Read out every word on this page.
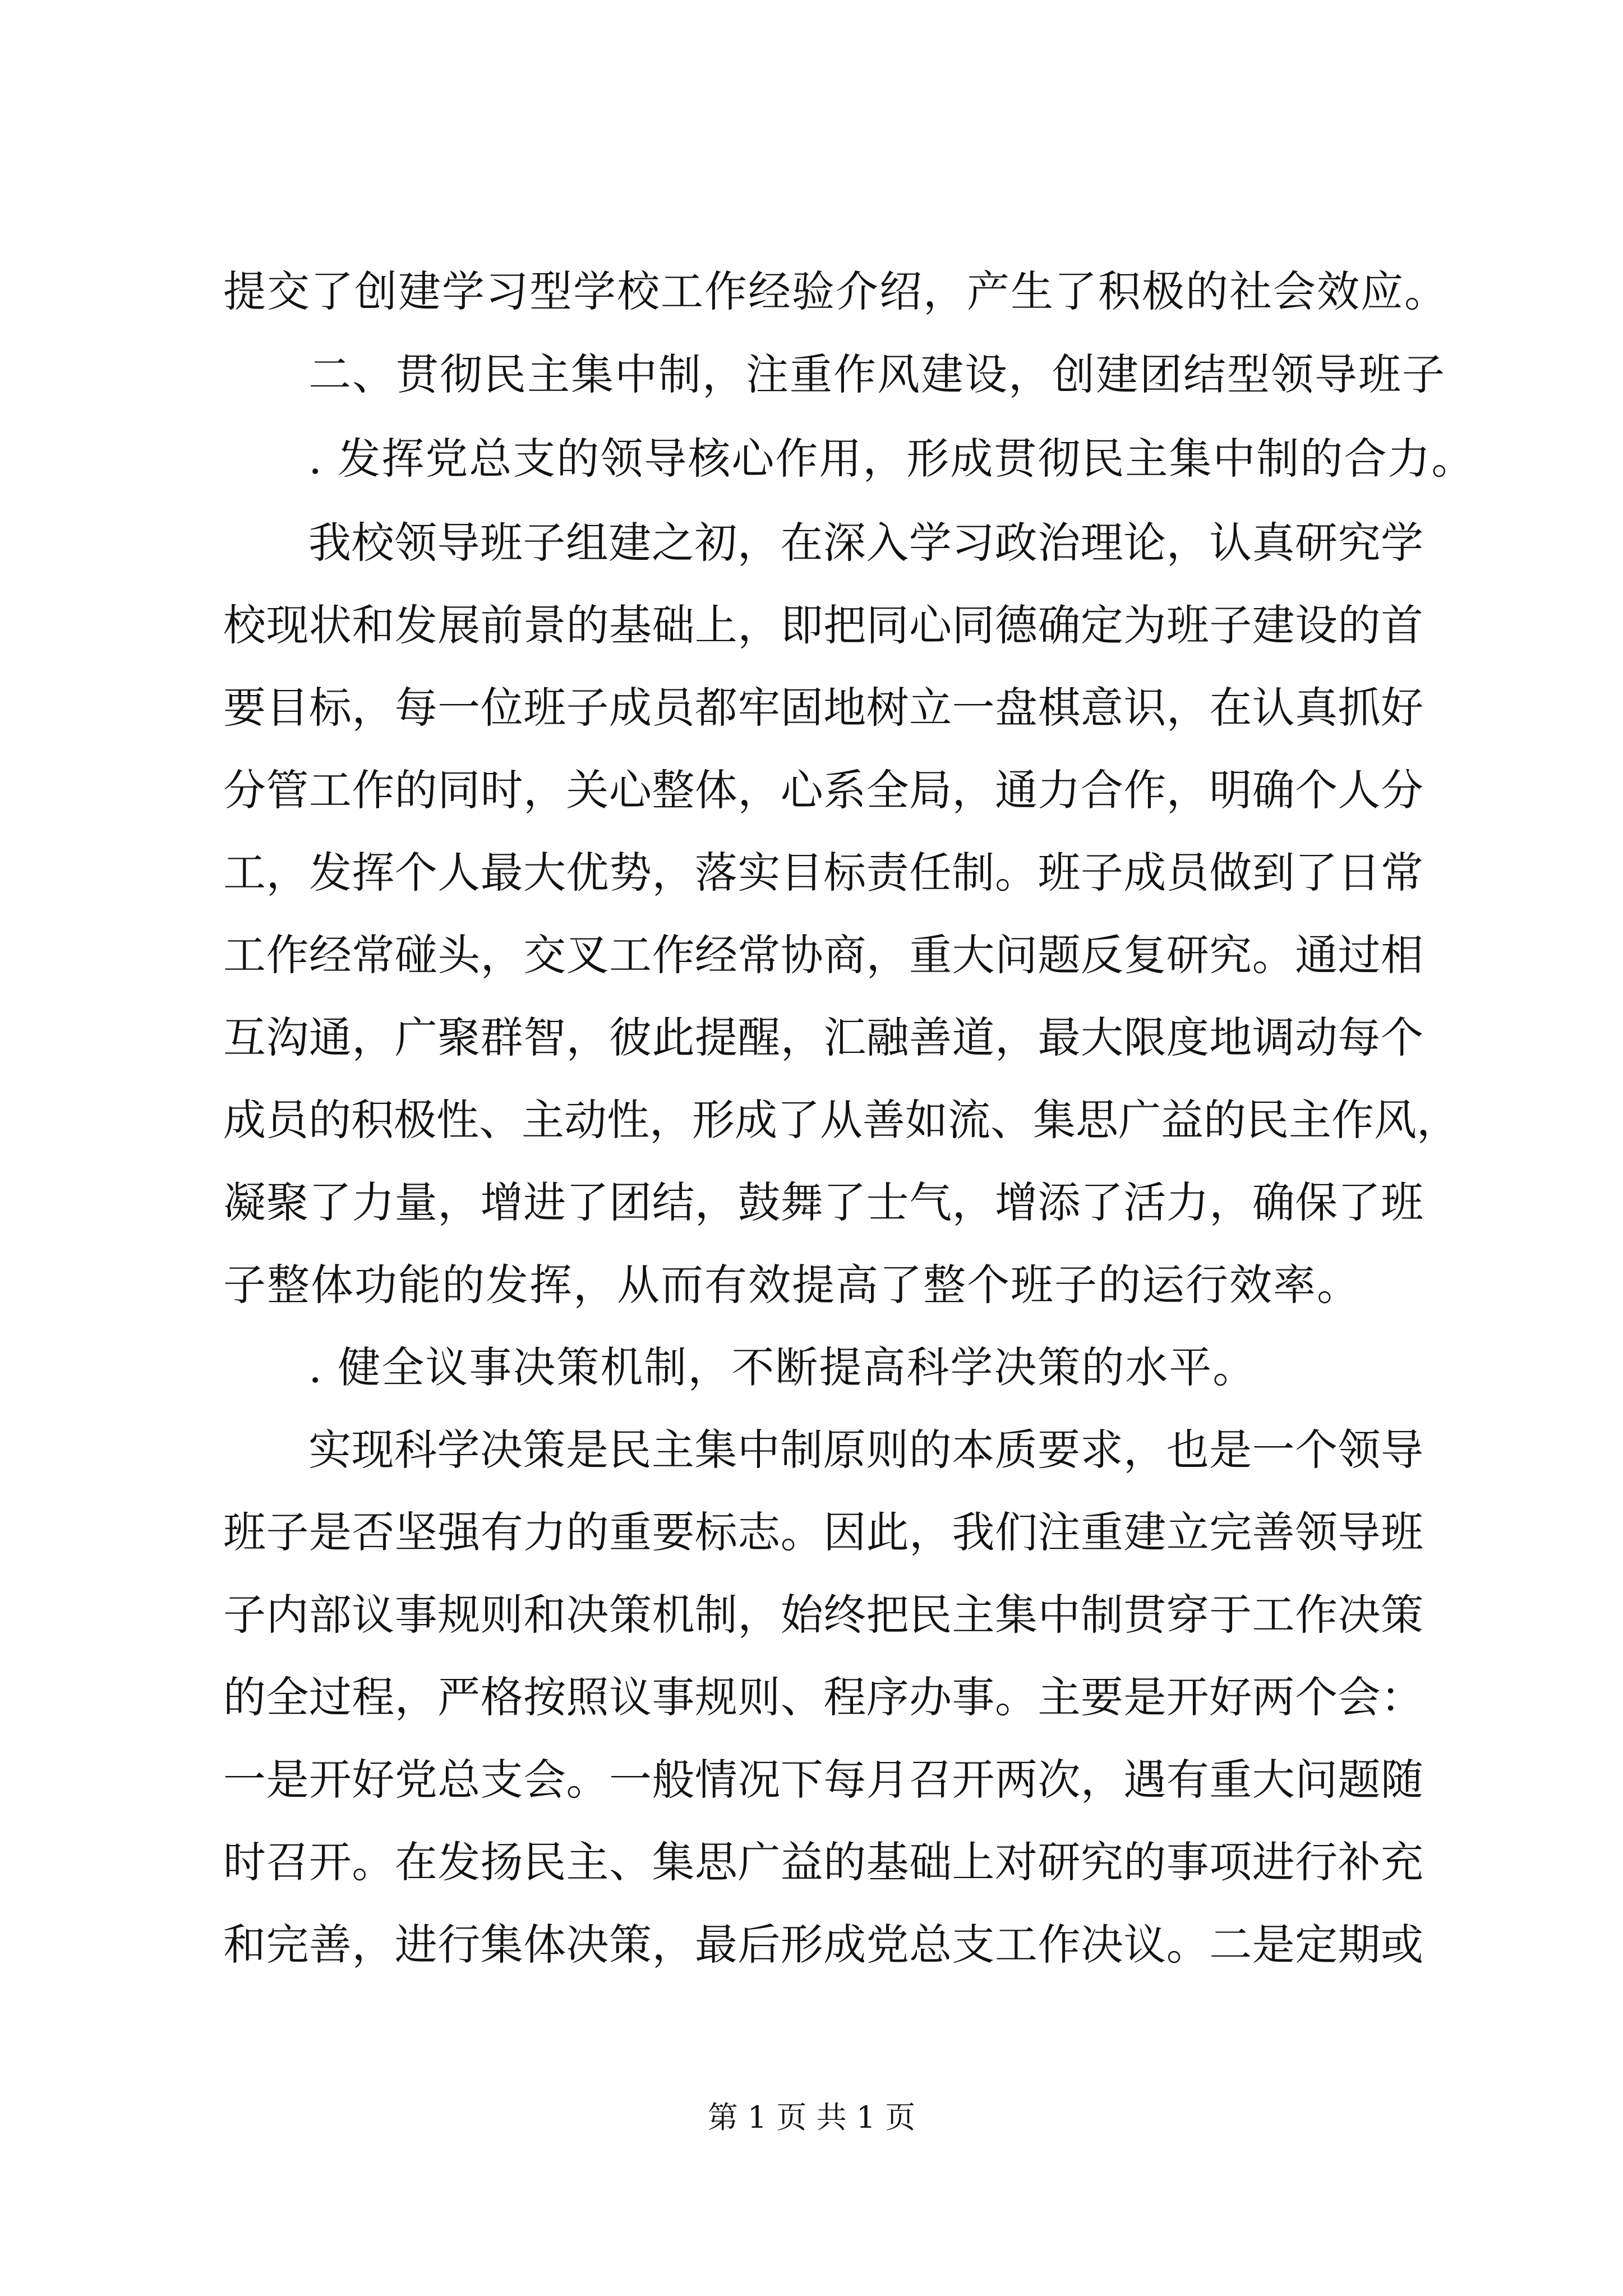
提交了创建学习型学校工作经验介绍，产生了积极的社会效应。
二、贯彻民主集中制，注重作风建设，创建团结型领导班子
. 发挥党总支的领导核心作用，形成贯彻民主集中制的合力。
我校领导班子组建之初，在深入学习政治理论，认真研究学
校现状和发展前景的基础上，即把同心同德确定为班子建设的首
要目标，每一位班子成员都牢固地树立一盘棋意识，在认真抓好
分管工作的同时，关心整体，心系全局，通力合作，明确个人分
工，发挥个人最大优势，落实目标责任制。班子成员做到了日常
工作经常碰头，交叉工作经常协商，重大问题反复研究。通过相
互沟通，广聚群智，彼此提醒，汇融善道，最大限度地调动每个
成员的积极性、主动性，形成了从善如流、集思广益的民主作风，
凝聚了力量，增进了团结，鼓舞了士气，增添了活力，确保了班
子整体功能的发挥，从而有效提高了整个班子的运行效率。
. 健全议事决策机制，不断提高科学决策的水平。
实现科学决策是民主集中制原则的本质要求，也是一个领导
班子是否坚强有力的重要标志。因此，我们注重建立完善领导班
子内部议事规则和决策机制，始终把民主集中制贯穿于工作决策
的全过程，严格按照议事规则、程序办事。主要是开好两个会：
一是开好党总支会。一般情况下每月召开两次，遇有重大问题随
时召开。在发扬民主、集思广益的基础上对研究的事项进行补充
和完善，进行集体决策，最后形成党总支工作决议。二是定期或
第 1 页 共 1 页
